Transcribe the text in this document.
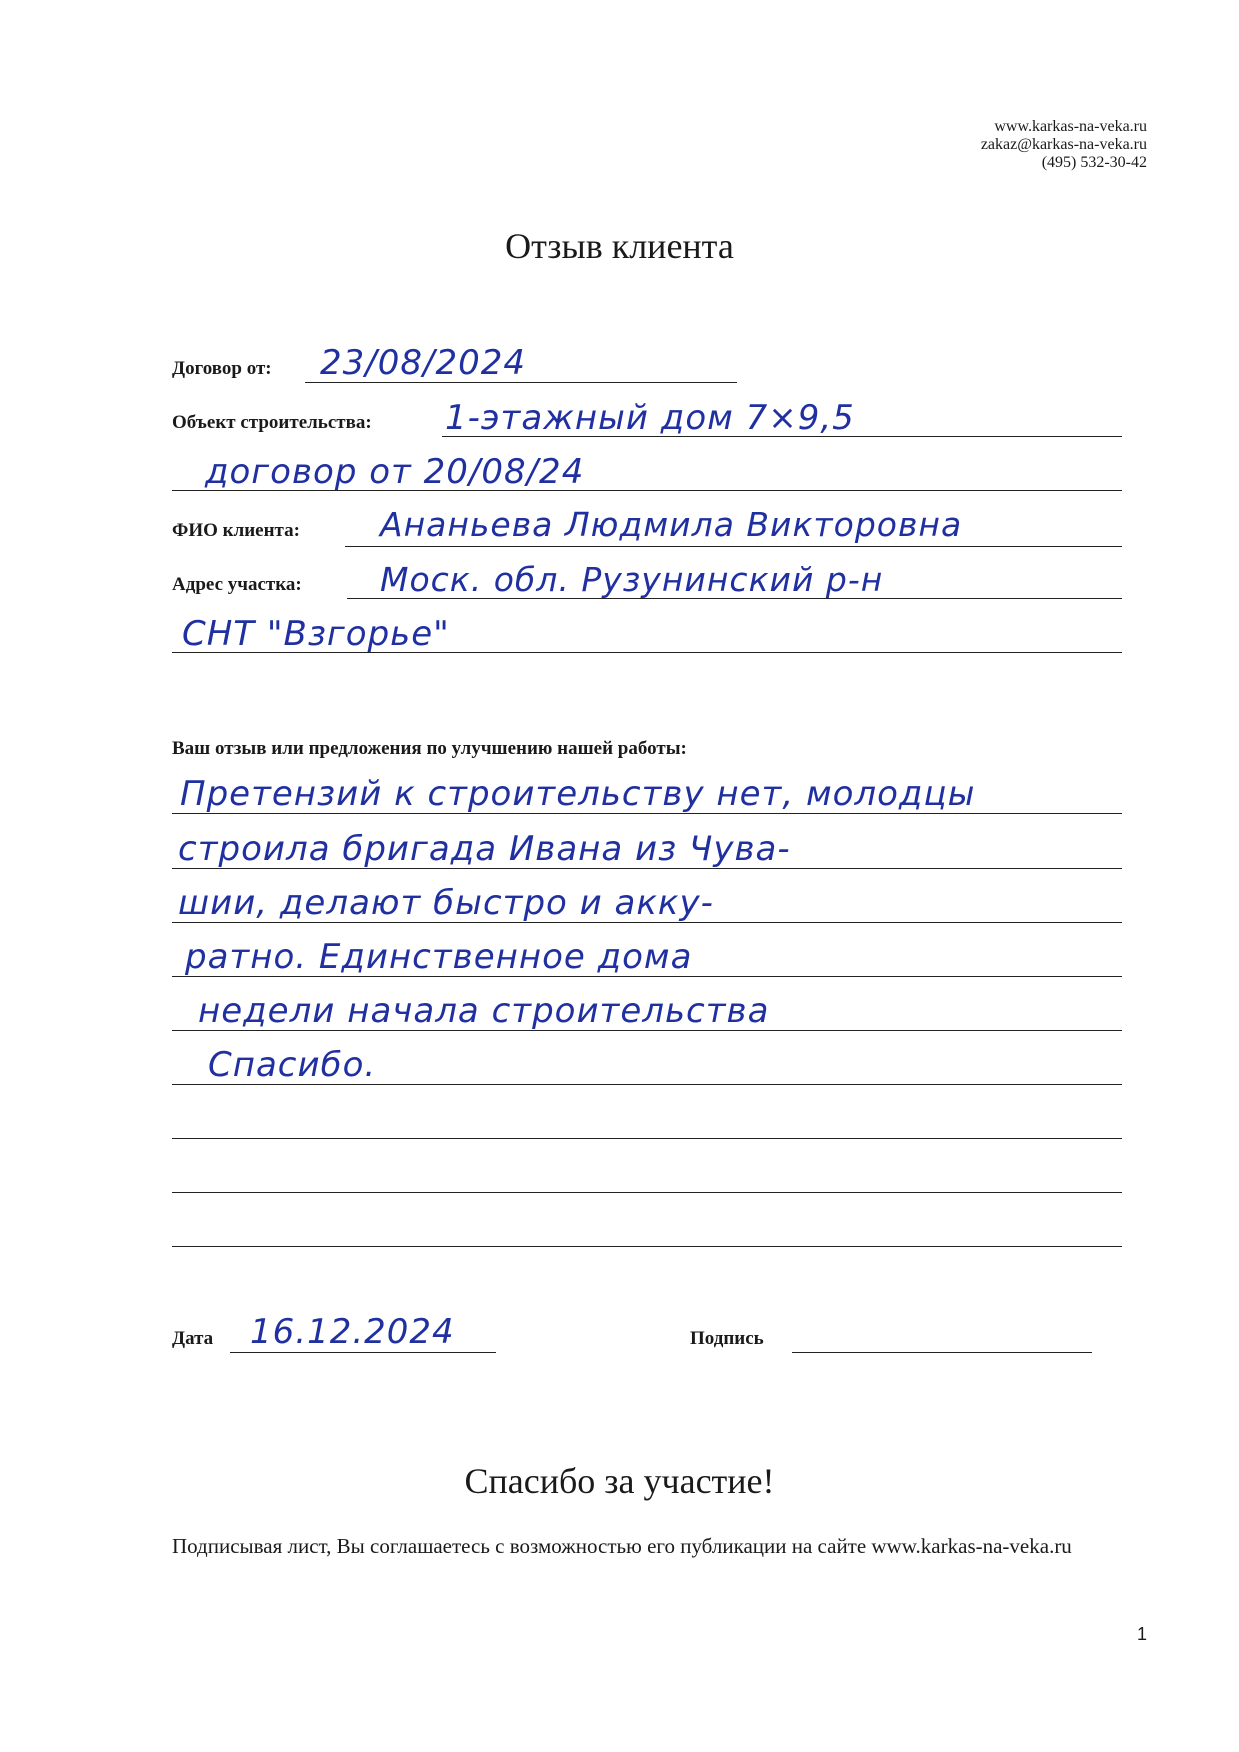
www.karkas-na-veka.ru
zakaz@karkas-na-veka.ru
(495) 532-30-42
Отзыв клиента
Договор от: 23/08/2024
Объект строительства: 1-этажный дом 7×9,5
договор от 20/08/24
ФИО клиента: Ананьева Людмила Викторовна
Адрес участка: Моск. обл. Рузунинский р-н
СНТ "Взгорье"
Ваш отзыв или предложения по улучшению нашей работы:
Претензий к строительству нет, молодцы
строила бригада Ивана из Чува-
шии, делают быстро и акку-
ратно. Единственное дома
недели начала строительства
Спасибо.
Дата 16.12.2024	Подпись
Спасибо за участие!
Подписывая лист, Вы соглашаетесь с возможностью его публикации на сайте www.karkas-na-veka.ru
1
